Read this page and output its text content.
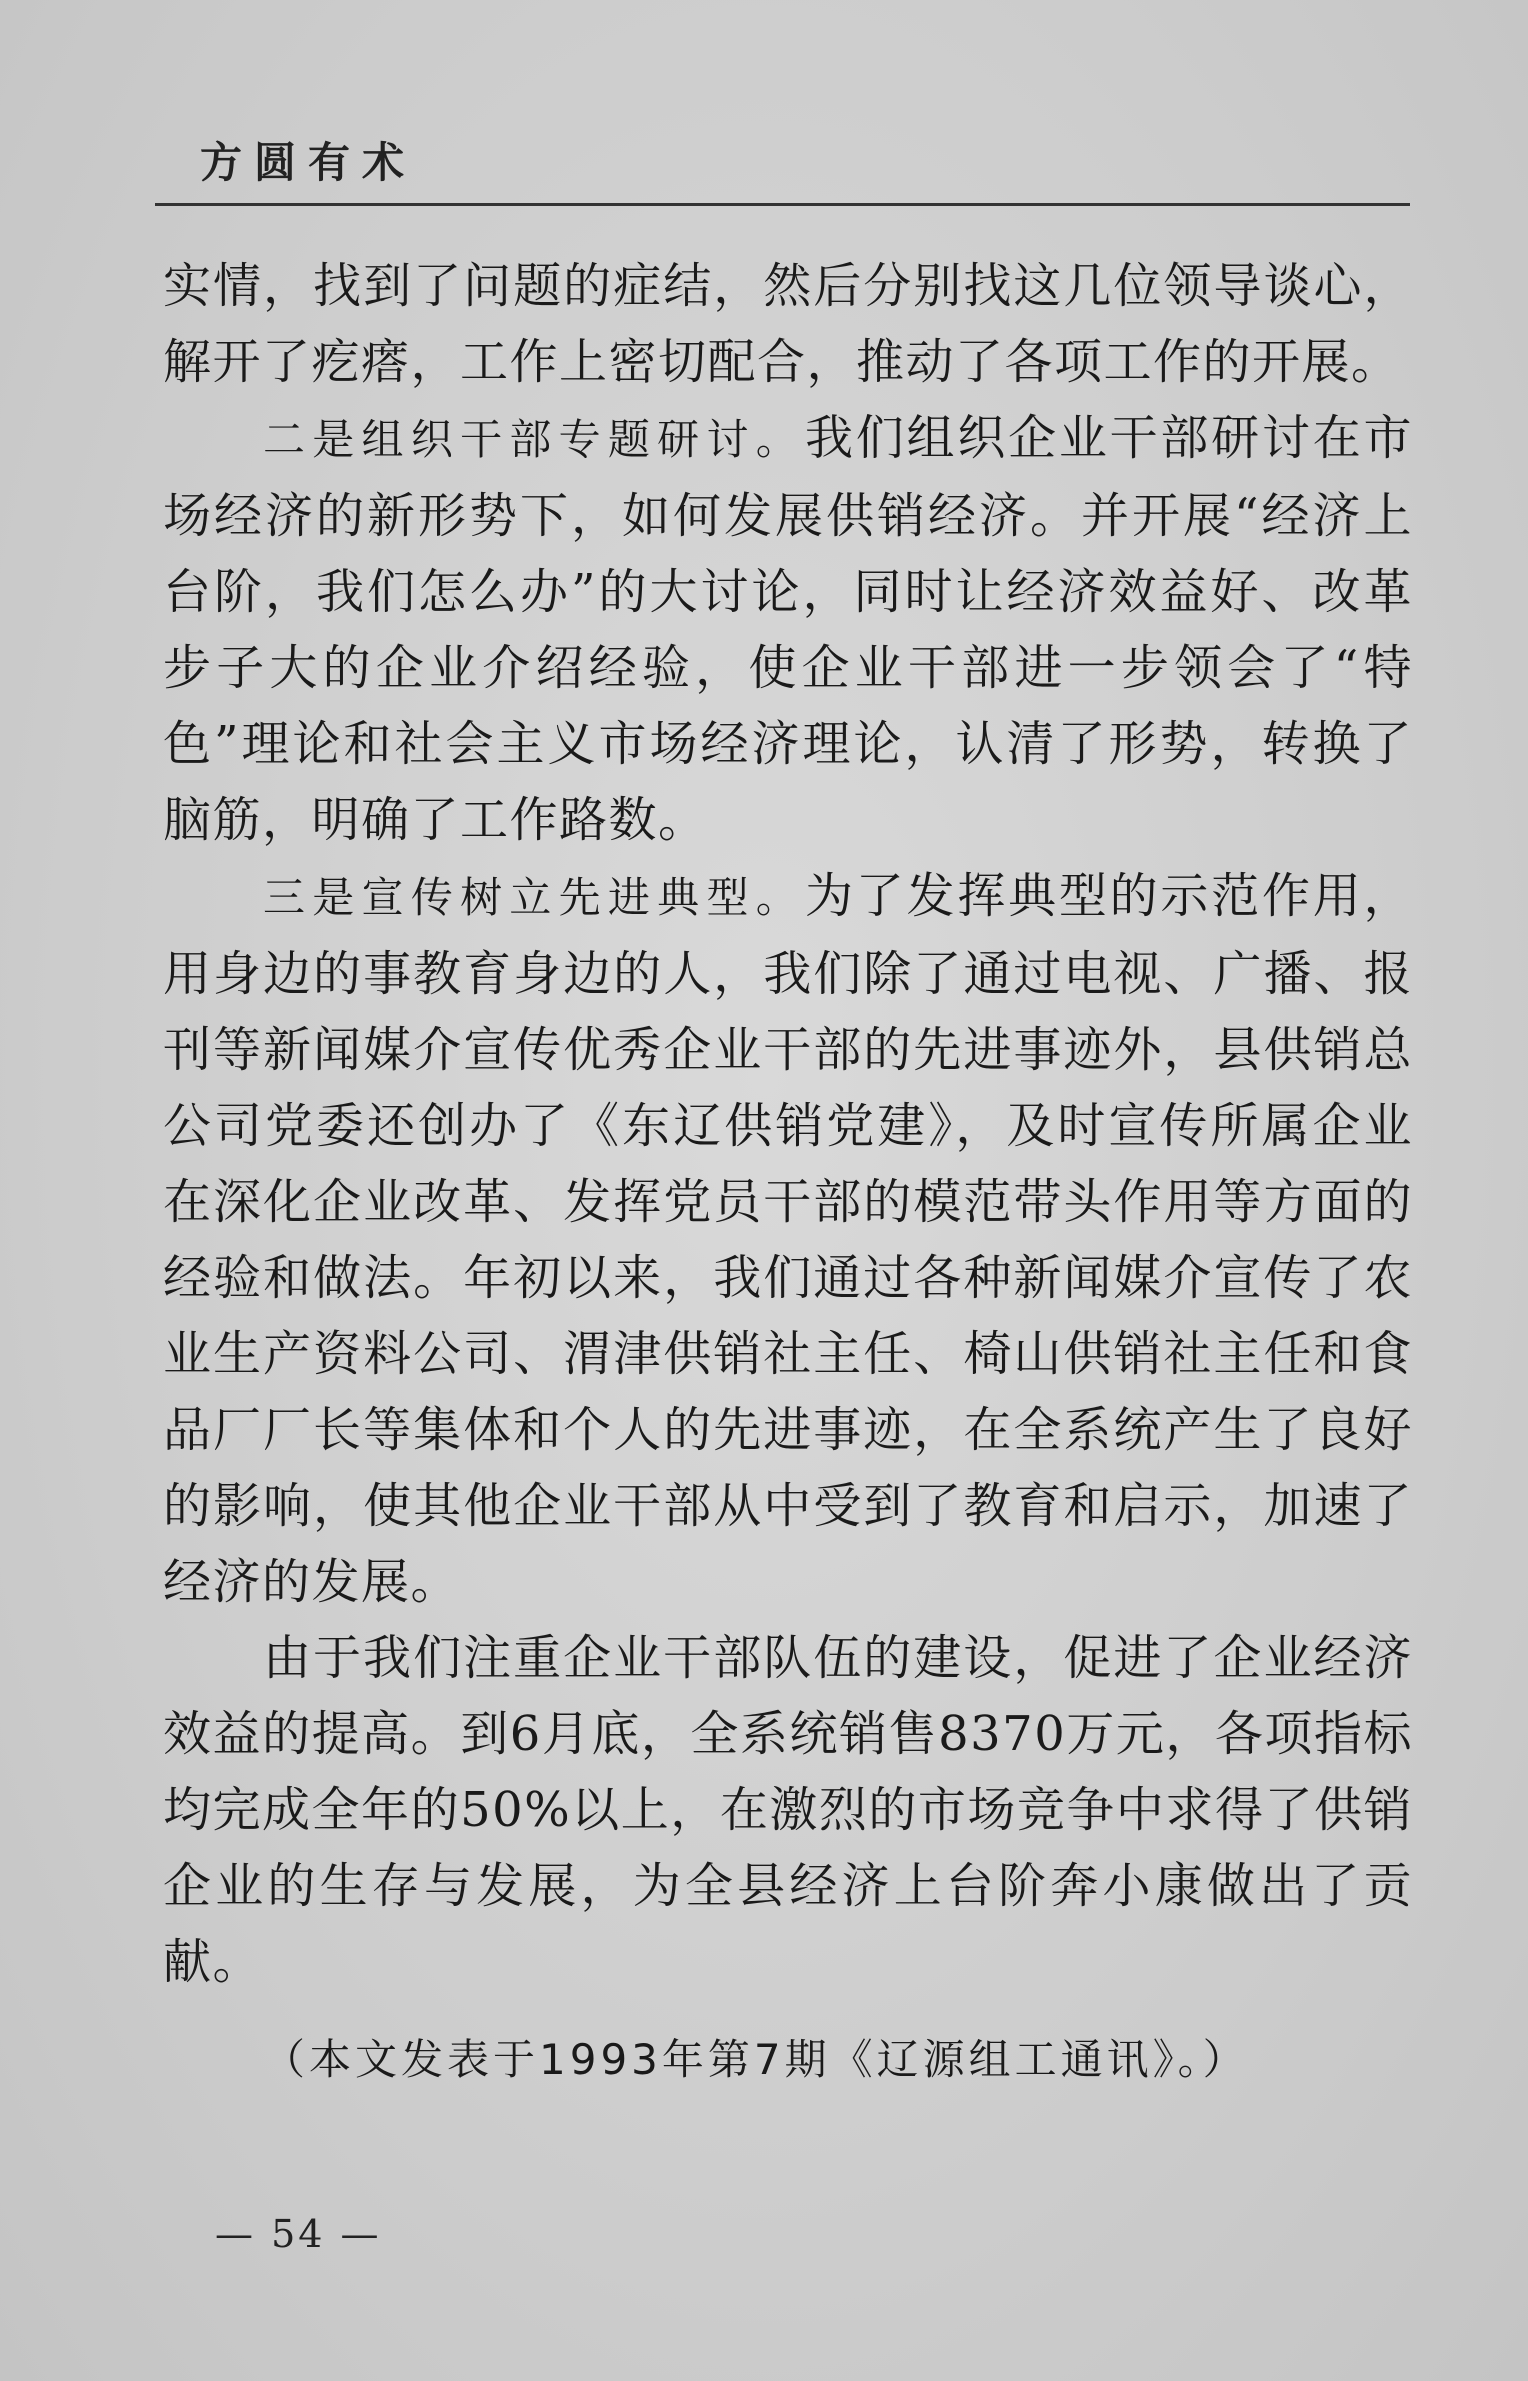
方圆有术

实情，找到了问题的症结，然后分别找这几位领导谈心，解开了疙瘩，工作上密切配合，推动了各项工作的开展。

二是组织干部专题研讨。我们组织企业干部研讨在市场经济的新形势下，如何发展供销经济。并开展“经济上台阶，我们怎么办”的大讨论，同时让经济效益好、改革步子大的企业介绍经验，使企业干部进一步领会了“特色”理论和社会主义市场经济理论，认清了形势，转换了脑筋，明确了工作路数。

三是宣传树立先进典型。为了发挥典型的示范作用，用身边的事教育身边的人，我们除了通过电视、广播、报刊等新闻媒介宣传优秀企业干部的先进事迹外，县供销总公司党委还创办了《东辽供销党建》，及时宣传所属企业在深化企业改革、发挥党员干部的模范带头作用等方面的经验和做法。年初以来，我们通过各种新闻媒介宣传了农业生产资料公司、渭津供销社主任、椅山供销社主任和食品厂厂长等集体和个人的先进事迹，在全系统产生了良好的影响，使其他企业干部从中受到了教育和启示，加速了经济的发展。

由于我们注重企业干部队伍的建设，促进了企业经济效益的提高。到6月底，全系统销售8370万元，各项指标均完成全年的50%以上，在激烈的市场竞争中求得了供销企业的生存与发展，为全县经济上台阶奔小康做出了贡献。

（本文发表于1993年第7期《辽源组工通讯》。）

— 54 —
